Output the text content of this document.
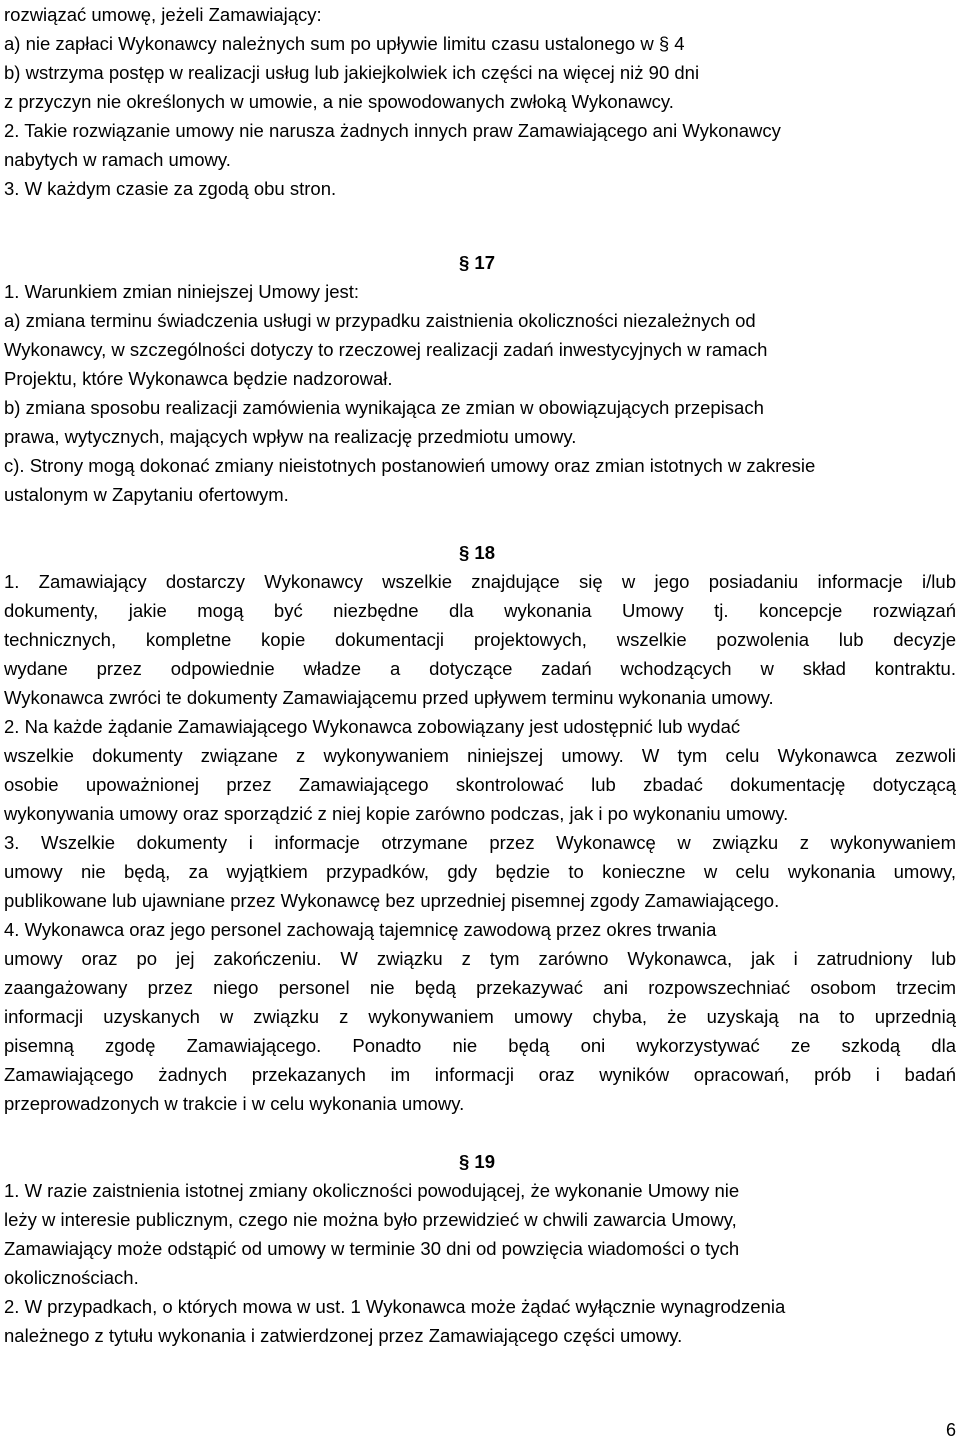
rozwiązać umowę, jeżeli Zamawiający:
a) nie zapłaci Wykonawcy należnych sum po upływie limitu czasu ustalonego w § 4
b) wstrzyma postęp w realizacji usług lub jakiejkolwiek ich części na więcej niż 90 dni
z przyczyn nie określonych w umowie, a nie spowodowanych zwłoką Wykonawcy.
2. Takie rozwiązanie umowy nie narusza żadnych innych praw Zamawiającego ani Wykonawcy
nabytych w ramach umowy.
3. W każdym czasie za zgodą obu stron.
§ 17
1. Warunkiem zmian niniejszej Umowy jest:
a) zmiana terminu świadczenia usługi w przypadku zaistnienia okoliczności niezależnych od
Wykonawcy, w szczególności dotyczy to rzeczowej realizacji zadań inwestycyjnych w ramach
Projektu, które Wykonawca będzie nadzorował.
b) zmiana sposobu realizacji zamówienia wynikająca ze zmian w obowiązujących przepisach
prawa, wytycznych, mających wpływ na realizację przedmiotu umowy.
c). Strony mogą dokonać zmiany nieistotnych postanowień umowy oraz zmian istotnych w zakresie
ustalonym w Zapytaniu ofertowym.
§ 18
1. Zamawiający dostarczy Wykonawcy wszelkie znajdujące się w jego posiadaniu informacje i/lub
dokumenty, jakie mogą być niezbędne dla wykonania Umowy tj. koncepcje rozwiązań
technicznych, kompletne kopie dokumentacji projektowych, wszelkie pozwolenia lub decyzje
wydane przez odpowiednie władze a dotyczące zadań wchodzących w skład kontraktu.
Wykonawca zwróci te dokumenty Zamawiającemu przed upływem terminu wykonania umowy.
2. Na każde żądanie Zamawiającego Wykonawca zobowiązany jest udostępnić lub wydać
wszelkie dokumenty związane z wykonywaniem niniejszej umowy. W tym celu Wykonawca zezwoli
osobie upoważnionej przez Zamawiającego skontrolować lub zbadać dokumentację dotyczącą
wykonywania umowy oraz sporządzić z niej kopie zarówno podczas, jak i po wykonaniu umowy.
3. Wszelkie dokumenty i informacje otrzymane przez Wykonawcę w związku z wykonywaniem
umowy nie będą, za wyjątkiem przypadków, gdy będzie to konieczne w celu wykonania umowy,
publikowane lub ujawniane przez Wykonawcę bez uprzedniej pisemnej zgody Zamawiającego.
4. Wykonawca oraz jego personel zachowają tajemnicę zawodową przez okres trwania
umowy oraz po jej zakończeniu. W związku z tym zarówno Wykonawca, jak i zatrudniony lub
zaangażowany przez niego personel nie będą przekazywać ani rozpowszechniać osobom trzecim
informacji uzyskanych w związku z wykonywaniem umowy chyba, że uzyskają na to uprzednią
pisemną zgodę Zamawiającego. Ponadto nie będą oni wykorzystywać ze szkodą dla
Zamawiającego żadnych przekazanych im informacji oraz wyników opracowań, prób i badań
przeprowadzonych w trakcie i w celu wykonania umowy.
§ 19
1. W razie zaistnienia istotnej zmiany okoliczności powodującej, że wykonanie Umowy nie
leży w interesie publicznym, czego nie można było przewidzieć w chwili zawarcia Umowy,
Zamawiający może odstąpić od umowy w terminie 30 dni od powzięcia wiadomości o tych
okolicznościach.
2. W przypadkach, o których mowa w ust. 1 Wykonawca może żądać wyłącznie wynagrodzenia
należnego z tytułu wykonania i zatwierdzonej przez Zamawiającego części umowy.
6
